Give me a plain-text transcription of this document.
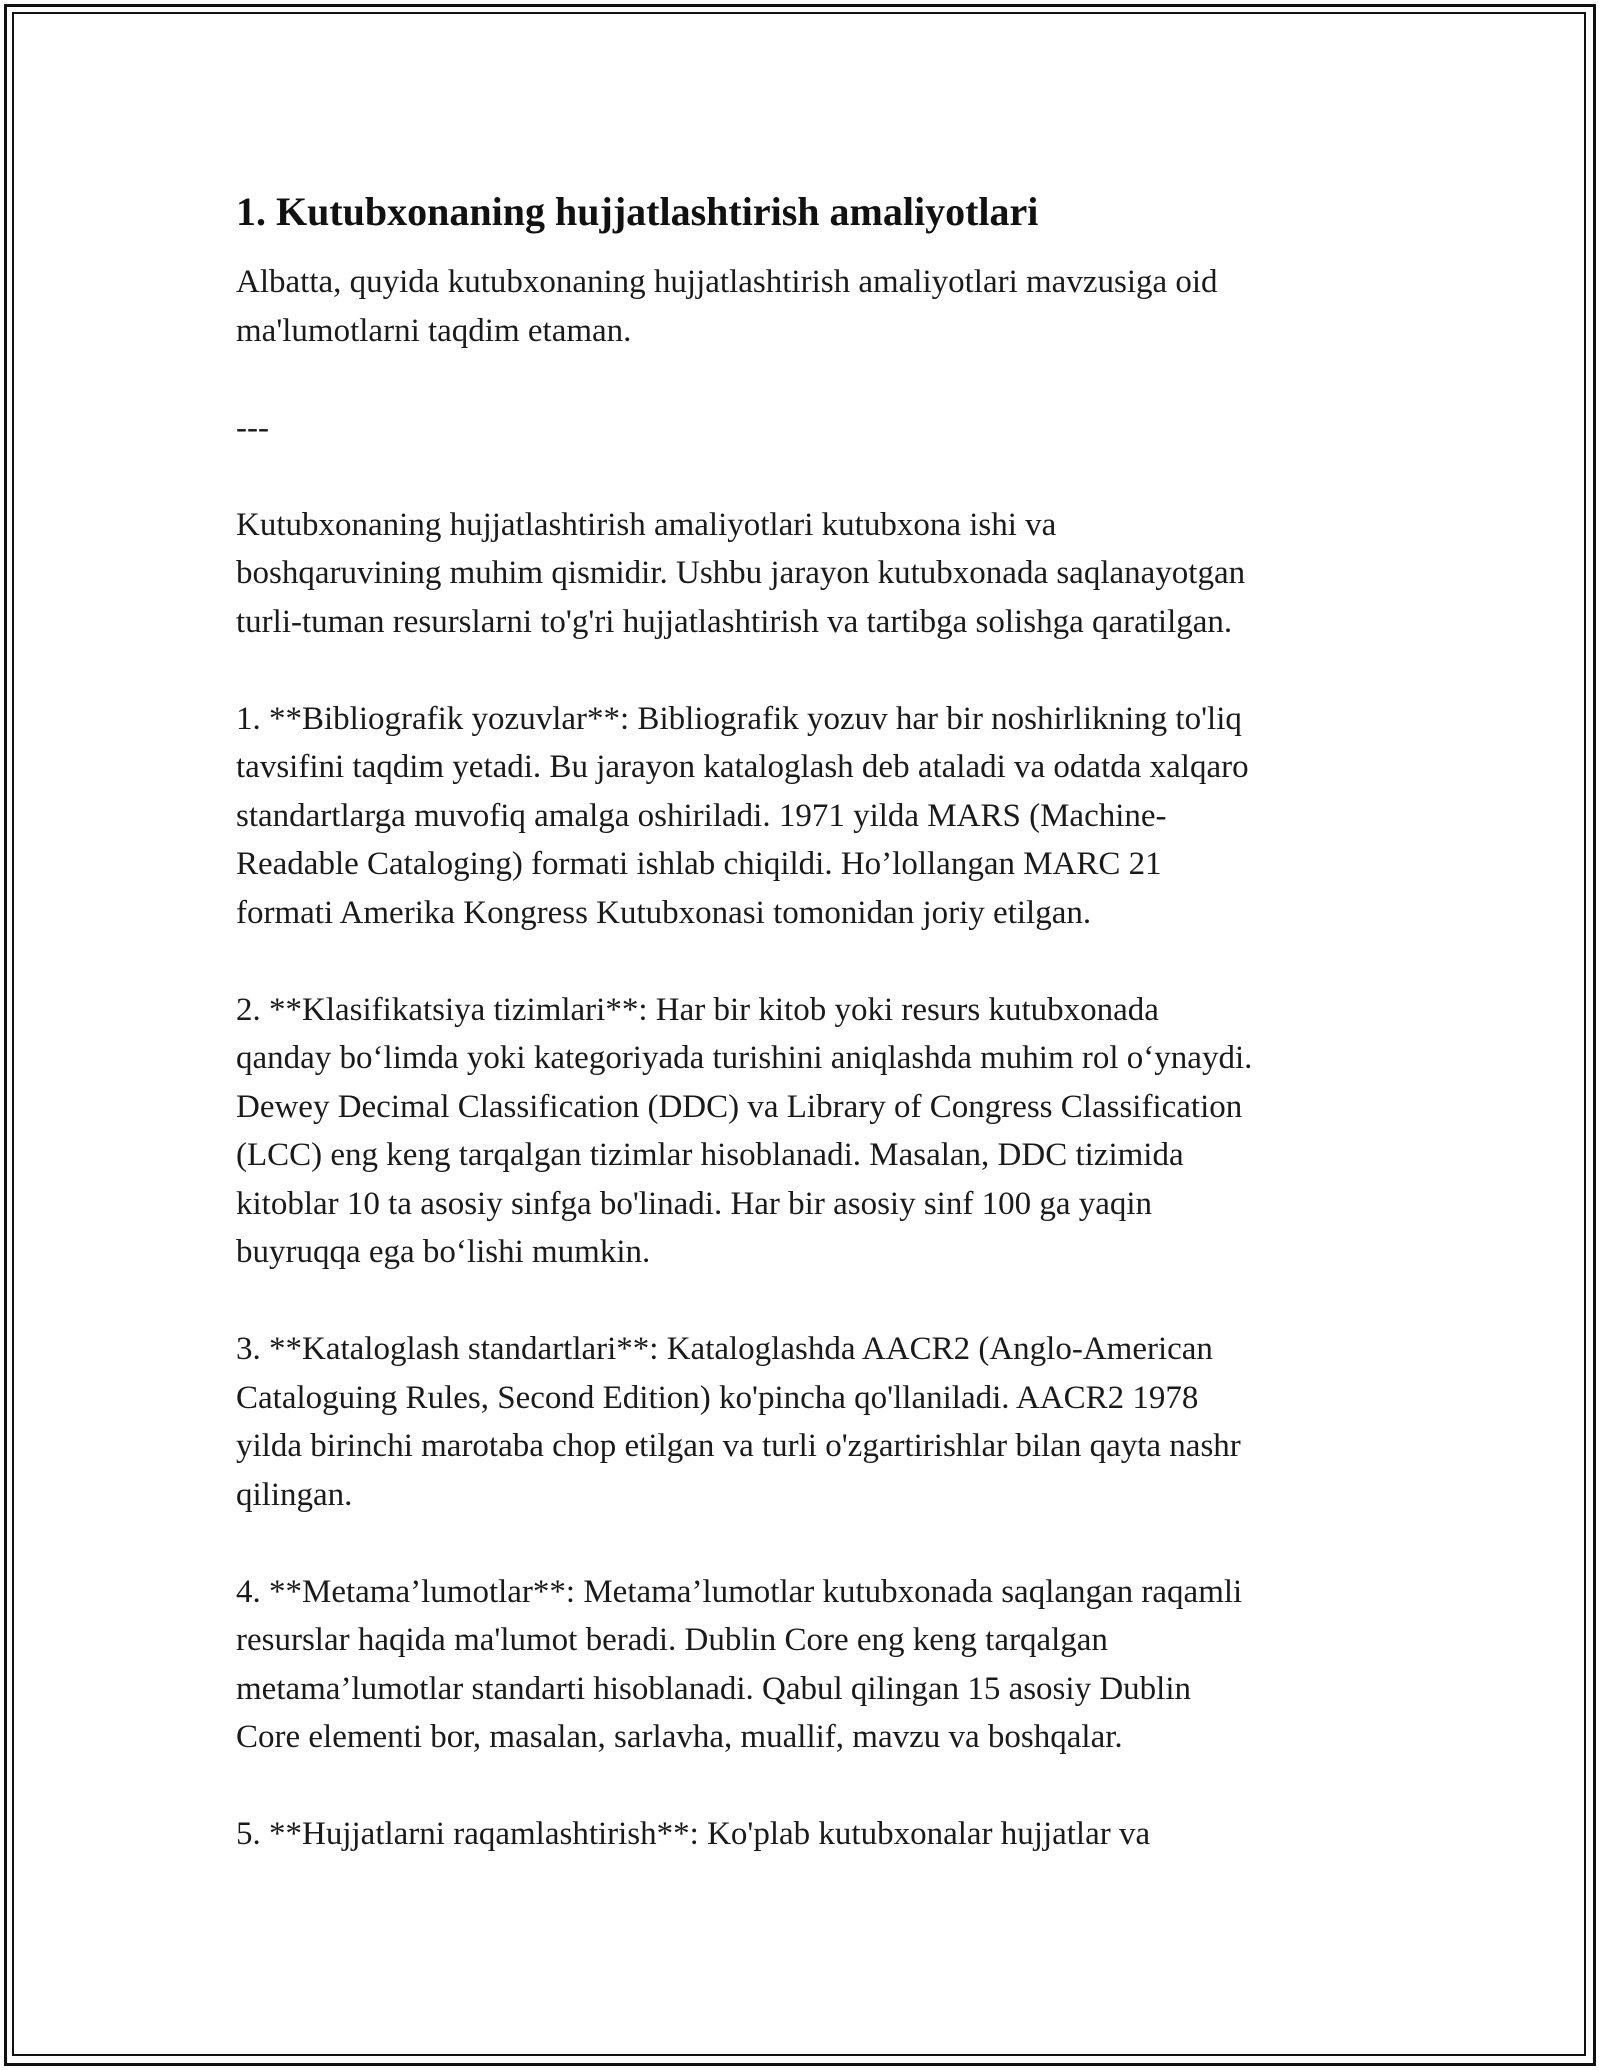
1. Kutubxonaning hujjatlashtirish amaliyotlari

Albatta, quyida kutubxonaning hujjatlashtirish amaliyotlari mavzusiga oid
ma'lumotlarni taqdim etaman.

---

Kutubxonaning hujjatlashtirish amaliyotlari kutubxona ishi va
boshqaruvining muhim qismidir. Ushbu jarayon kutubxonada saqlanayotgan
turli-tuman resurslarni to'g'ri hujjatlashtirish va tartibga solishga qaratilgan.

1. **Bibliografik yozuvlar**: Bibliografik yozuv har bir noshirlikning to'liq
tavsifini taqdim yetadi. Bu jarayon kataloglash deb ataladi va odatda xalqaro
standartlarga muvofiq amalga oshiriladi. 1971 yilda MARS (Machine-
Readable Cataloging) formati ishlab chiqildi. Ho’lollangan MARC 21
formati Amerika Kongress Kutubxonasi tomonidan joriy etilgan.

2. **Klasifikatsiya tizimlari**: Har bir kitob yoki resurs kutubxonada
qanday bo‘limda yoki kategoriyada turishini aniqlashda muhim rol o‘ynaydi.
Dewey Decimal Classification (DDC) va Library of Congress Classification
(LCC) eng keng tarqalgan tizimlar hisoblanadi. Masalan, DDC tizimida
kitoblar 10 ta asosiy sinfga bo'linadi. Har bir asosiy sinf 100 ga yaqin
buyruqqa ega bo‘lishi mumkin.

3. **Kataloglash standartlari**: Kataloglashda AACR2 (Anglo-American
Cataloguing Rules, Second Edition) ko'pincha qo'llaniladi. AACR2 1978
yilda birinchi marotaba chop etilgan va turli o'zgartirishlar bilan qayta nashr
qilingan.

4. **Metama’lumotlar**: Metama’lumotlar kutubxonada saqlangan raqamli
resurslar haqida ma'lumot beradi. Dublin Core eng keng tarqalgan
metama’lumotlar standarti hisoblanadi. Qabul qilingan 15 asosiy Dublin
Core elementi bor, masalan, sarlavha, muallif, mavzu va boshqalar.

5. **Hujjatlarni raqamlashtirish**: Ko'plab kutubxonalar hujjatlar va
